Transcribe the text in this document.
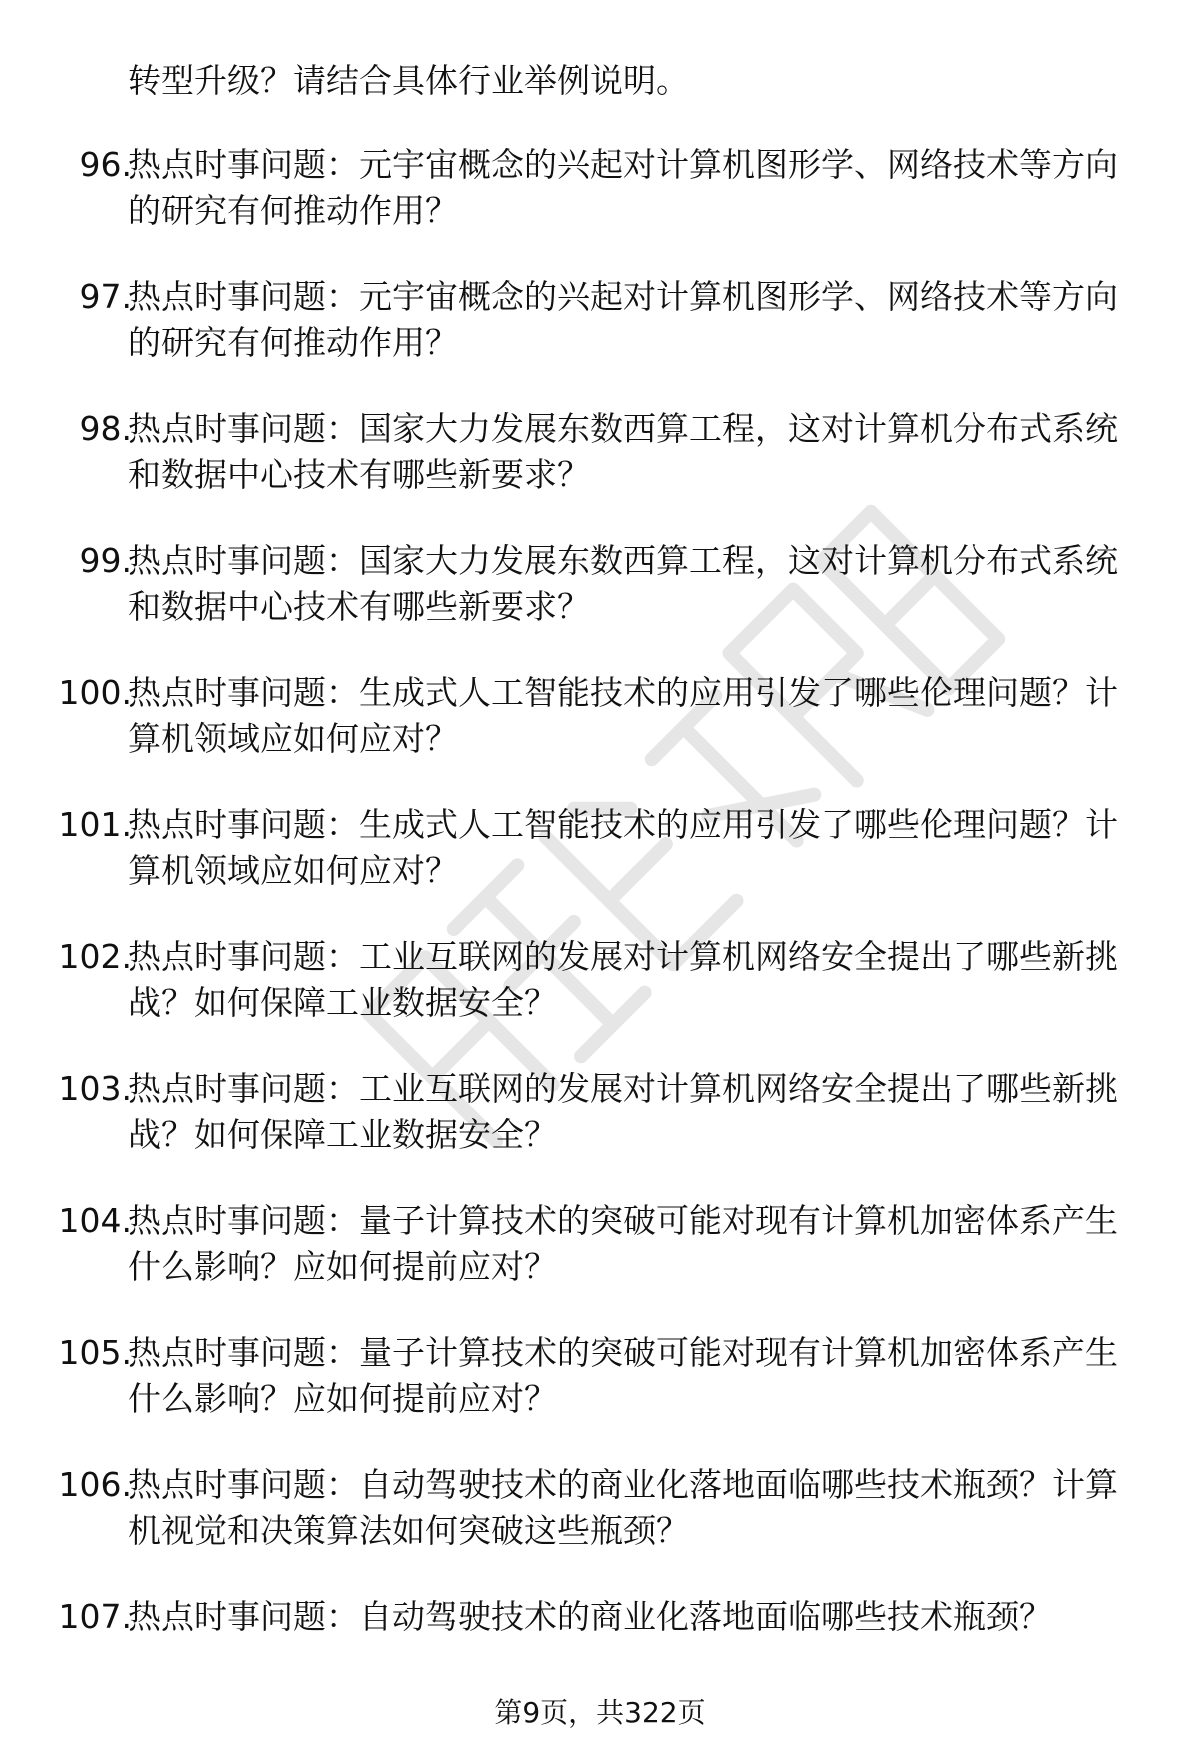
转型升级？请结合具体行业举例说明。
96.
热点时事问题：元宇宙概念的兴起对计算机图形学、网络技术等方向的研究有何推动作用？
97.
热点时事问题：元宇宙概念的兴起对计算机图形学、网络技术等方向的研究有何推动作用？
98.
热点时事问题：国家大力发展东数西算工程，这对计算机分布式系统和数据中心技术有哪些新要求？
99.
热点时事问题：国家大力发展东数西算工程，这对计算机分布式系统和数据中心技术有哪些新要求？
100.
热点时事问题：生成式人工智能技术的应用引发了哪些伦理问题？计算机领域应如何应对？
101.
热点时事问题：生成式人工智能技术的应用引发了哪些伦理问题？计算机领域应如何应对？
102.
热点时事问题：工业互联网的发展对计算机网络安全提出了哪些新挑战？如何保障工业数据安全？
103.
热点时事问题：工业互联网的发展对计算机网络安全提出了哪些新挑战？如何保障工业数据安全？
104.
热点时事问题：量子计算技术的突破可能对现有计算机加密体系产生什么影响？应如何提前应对？
105.
热点时事问题：量子计算技术的突破可能对现有计算机加密体系产生什么影响？应如何提前应对？
106.
热点时事问题：自动驾驶技术的商业化落地面临哪些技术瓶颈？计算机视觉和决策算法如何突破这些瓶颈？
107.
热点时事问题：自动驾驶技术的商业化落地面临哪些技术瓶颈？
第9页，共322页
